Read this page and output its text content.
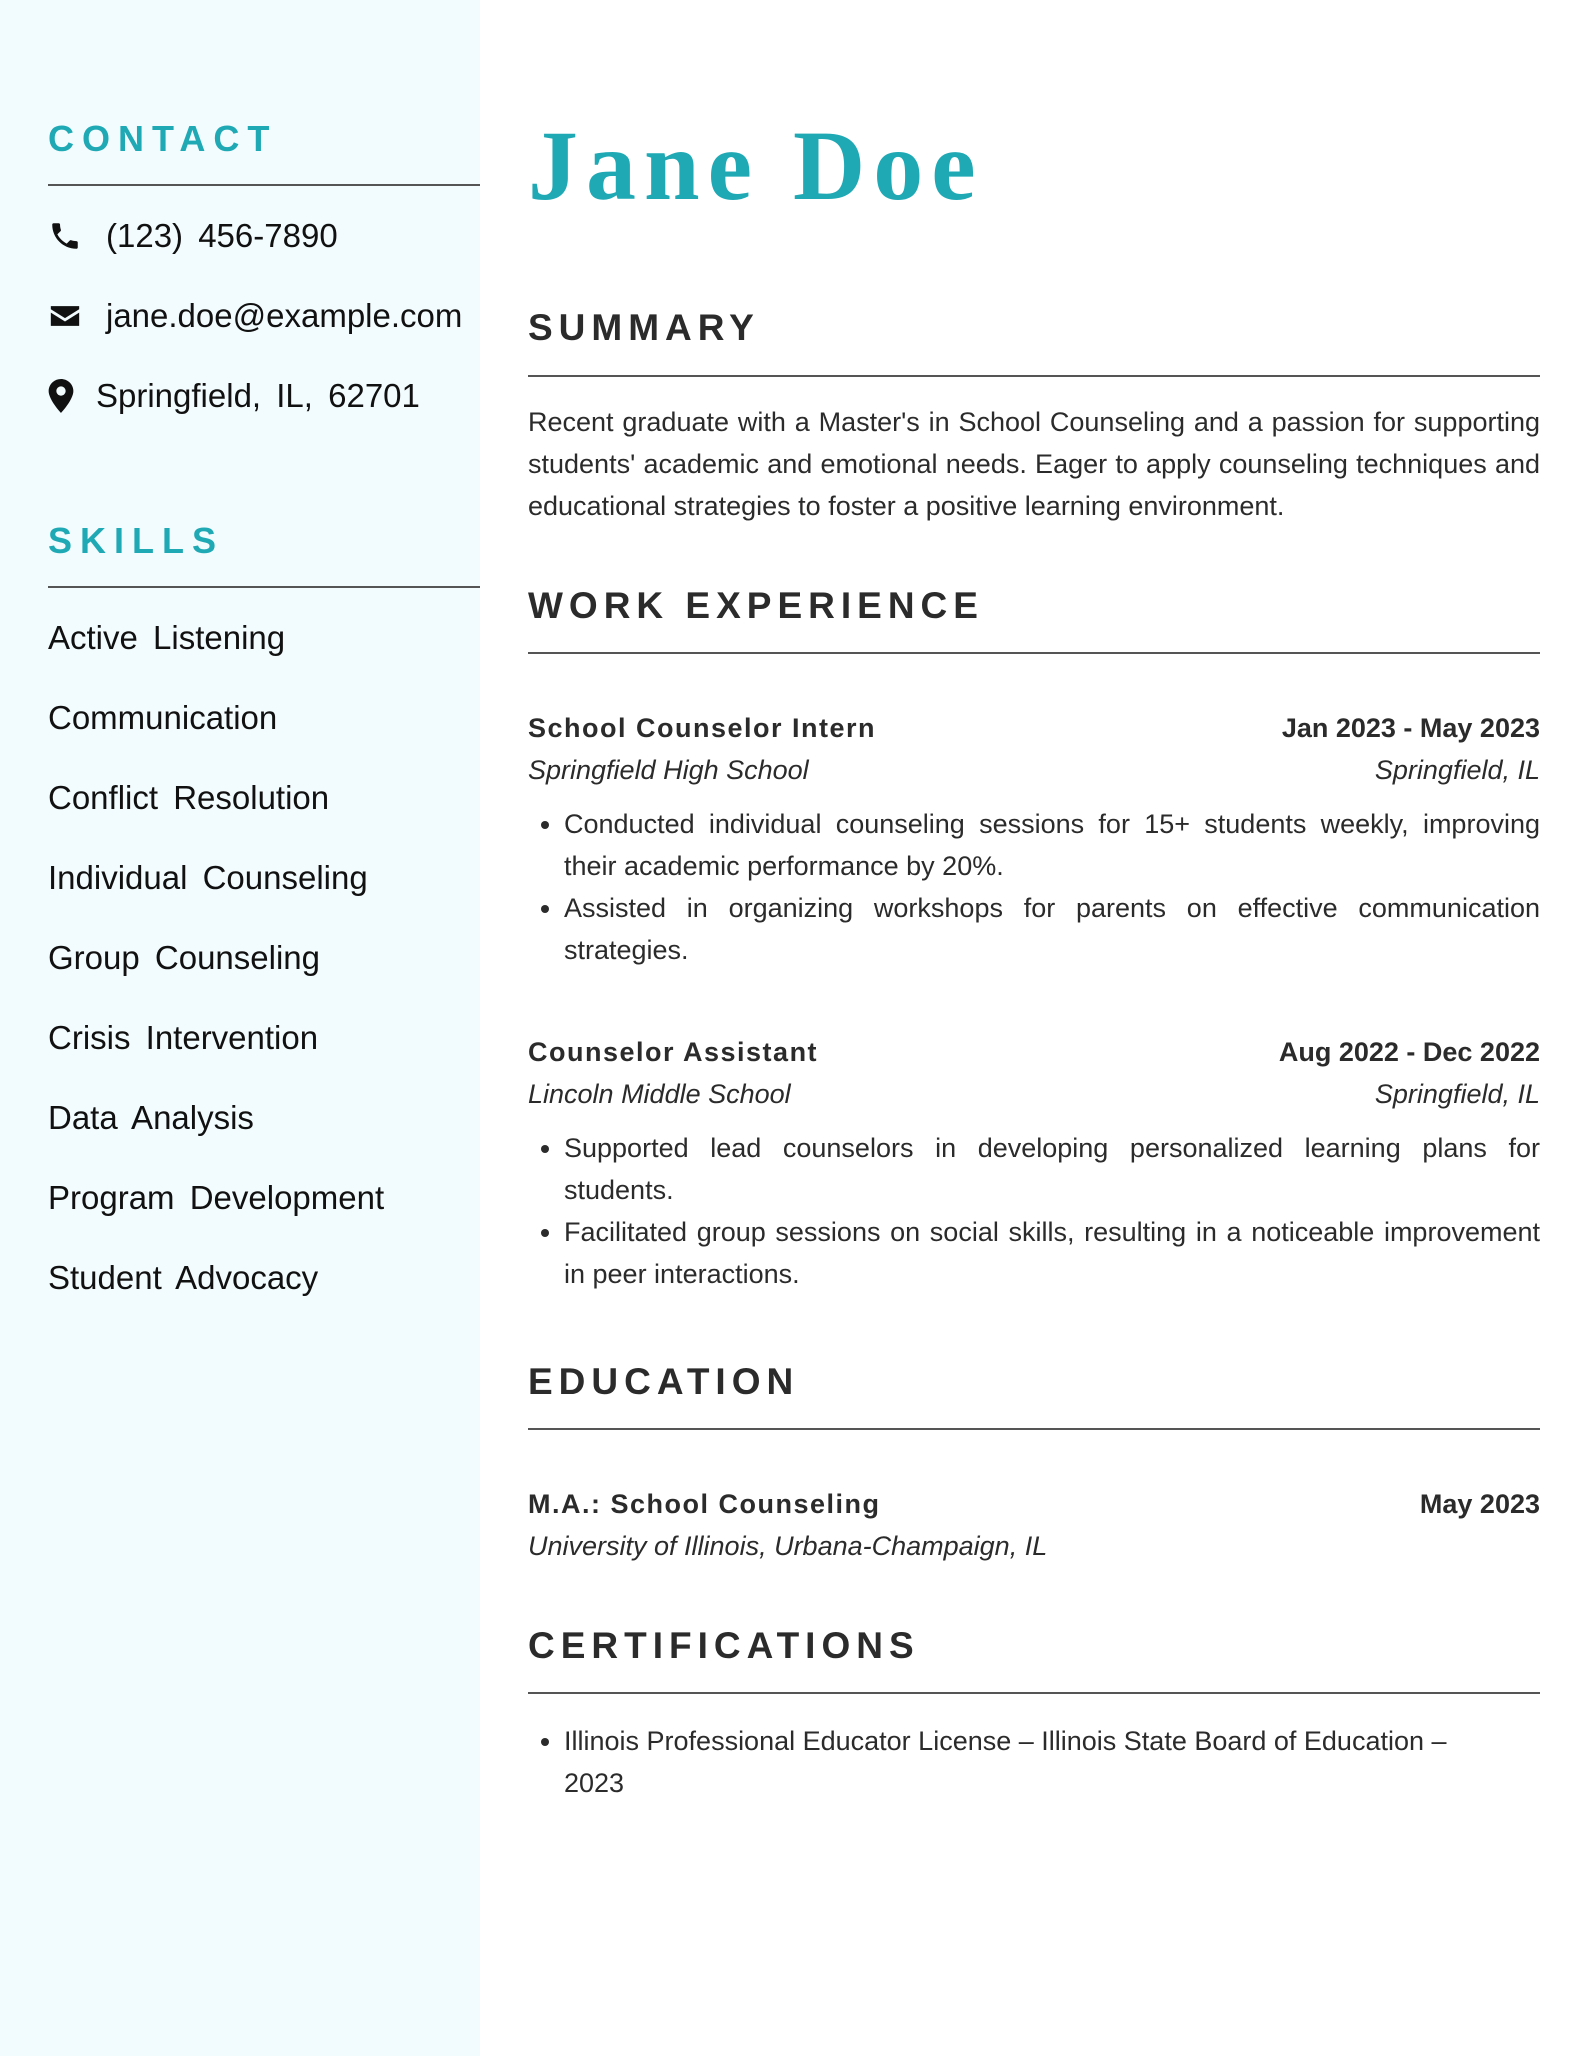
CONTACT
(123) 456-7890
jane.doe@example.com
Springfield, IL, 62701
SKILLS
Active Listening
Communication
Conflict Resolution
Individual Counseling
Group Counseling
Crisis Intervention
Data Analysis
Program Development
Student Advocacy
Jane Doe
SUMMARY

Recent graduate with a Master's in School Counseling and a passion for supporting students' academic and emotional needs. Eager to apply counseling techniques and educational strategies to foster a positive learning environment.

WORK EXPERIENCE
School Counselor Intern	Jan 2023 - May 2023
Springfield High School	Springfield, IL
• Conducted individual counseling sessions for 15+ students weekly, improving their academic performance by 20%.
• Assisted in organizing workshops for parents on effective communication strategies.
Counselor Assistant	Aug 2022 - Dec 2022
Lincoln Middle School	Springfield, IL
• Supported lead counselors in developing personalized learning plans for students.
• Facilitated group sessions on social skills, resulting in a noticeable improvement in peer interactions.
EDUCATION
M.A.: School Counseling	May 2023
University of Illinois, Urbana-Champaign, IL
CERTIFICATIONS
• Illinois Professional Educator License – Illinois State Board of Education – 2023
